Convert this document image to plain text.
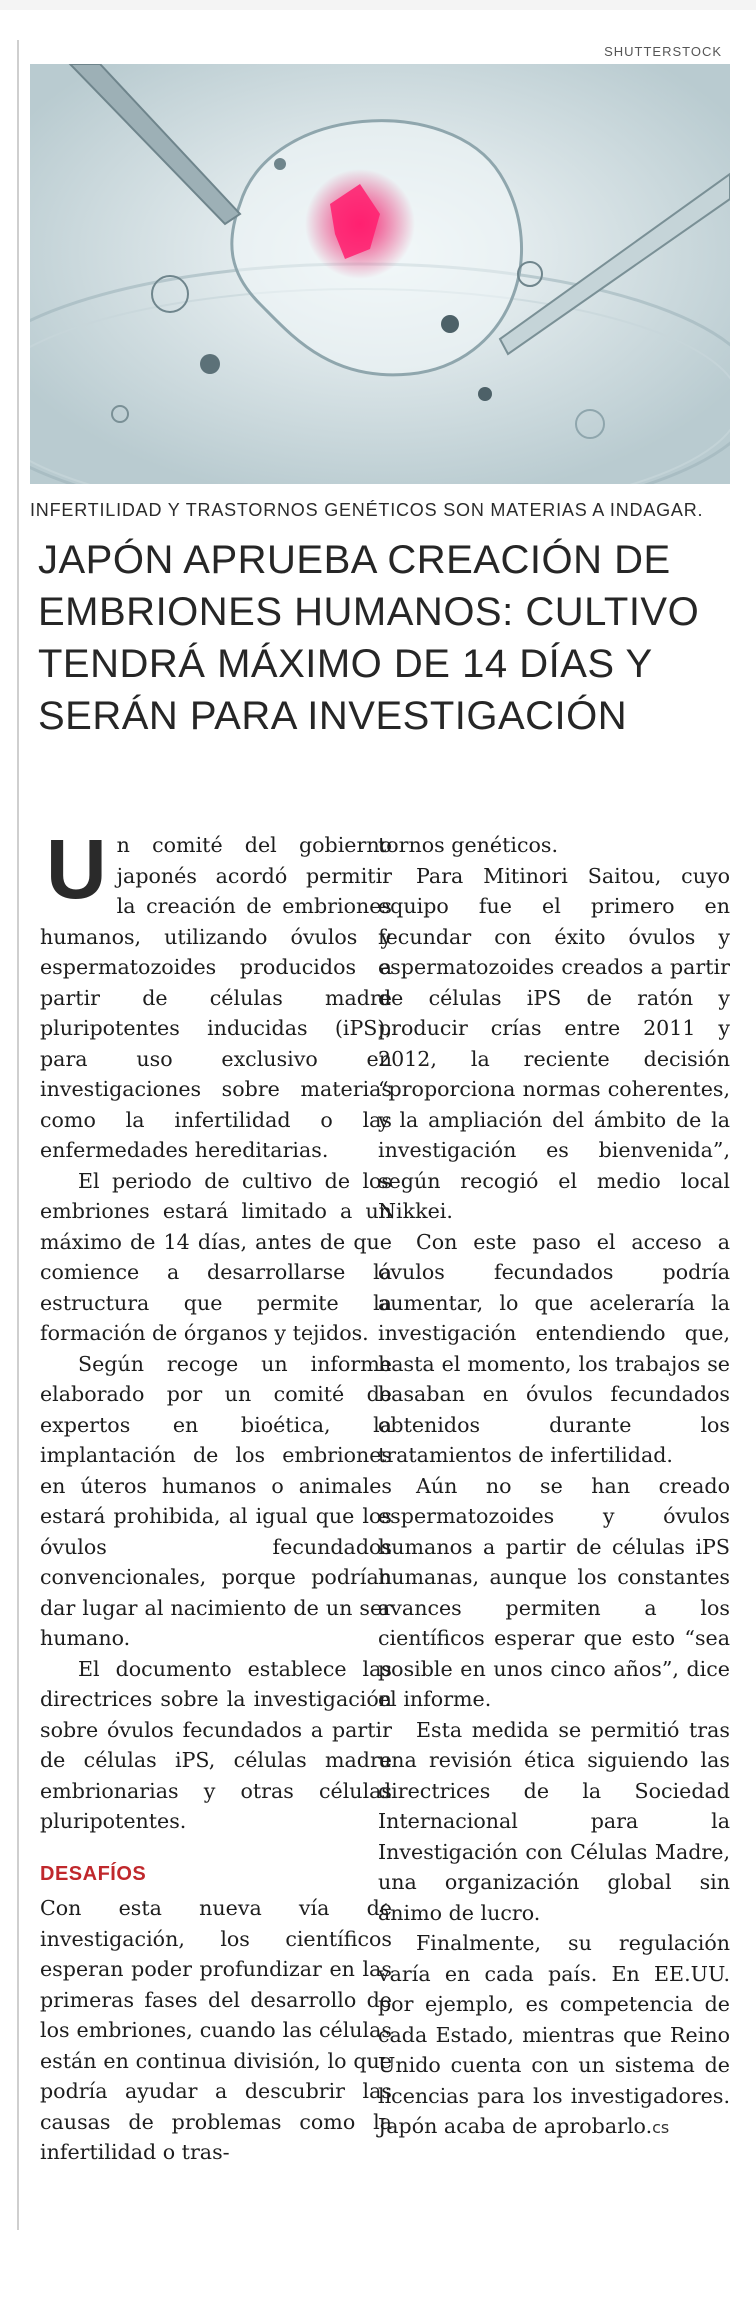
SHUTTERSTOCK
INFERTILIDAD Y TRASTORNOS GENÉTICOS SON MATERIAS A INDAGAR.
JAPÓN APRUEBA CREACIÓN DE EMBRIONES HUMANOS: CULTIVO TENDRÁ MÁXIMO DE 14 DÍAS Y SERÁN PARA INVESTIGACIÓN

Un comité del gobierno japonés acordó permitir la creación de embriones humanos, utilizando óvulos y espermatozoides producidos a partir de células madre pluripotentes inducidas (iPS), para uso exclusivo en investigaciones sobre materias como la infertilidad o las enfermedades hereditarias.

El periodo de cultivo de los embriones estará limitado a un máximo de 14 días, antes de que comience a desarrollarse la estructura que permite la formación de órganos y tejidos.

Según recoge un informe elaborado por un comité de expertos en bioética, la implantación de los embriones en úteros humanos o animales estará prohibida, al igual que los óvulos fecundados convencionales, porque podrían dar lugar al nacimiento de un ser humano.

El documento establece las directrices sobre la investigación sobre óvulos fecundados a partir de células iPS, células madre embrionarias y otras células pluripotentes.

DESAFÍOS

Con esta nueva vía de investigación, los científicos esperan poder profundizar en las primeras fases del desarrollo de los embriones, cuando las células están en continua división, lo que podría ayudar a descubrir las causas de problemas como la infertilidad o tras-

tornos genéticos.

Para Mitinori Saitou, cuyo equipo fue el primero en fecundar con éxito óvulos y espermatozoides creados a partir de células iPS de ratón y producir crías entre 2011 y 2012, la reciente decisión “proporciona normas coherentes, y la ampliación del ámbito de la investigación es bienvenida”, según recogió el medio local Nikkei.

Con este paso el acceso a óvulos fecundados podría aumentar, lo que aceleraría la investigación entendiendo que, hasta el momento, los trabajos se basaban en óvulos fecundados obtenidos durante los tratamientos de infertilidad.

Aún no se han creado espermatozoides y óvulos humanos a partir de células iPS humanas, aunque los constantes avances permiten a los científicos esperar que esto “sea posible en unos cinco años”, dice el informe.

Esta medida se permitió tras una revisión ética siguiendo las directrices de la Sociedad Internacional para la Investigación con Células Madre, una organización global sin ánimo de lucro.

Finalmente, su regulación varía en cada país. En EE.UU. por ejemplo, es competencia de cada Estado, mientras que Reino Unido cuenta con un sistema de licencias para los investigadores. Japón acaba de aprobarlo.cs
